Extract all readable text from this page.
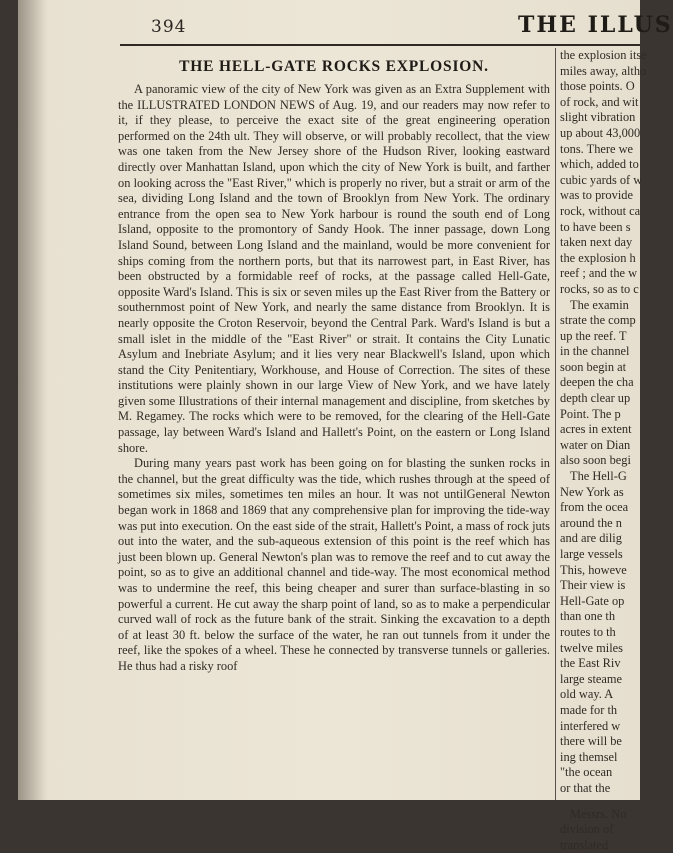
394	THE ILLUS
THE HELL-GATE ROCKS EXPLOSION.

A panoramic view of the city of New York was given as an Extra Supplement with the ILLUSTRATED LONDON NEWS of Aug. 19, and our readers may now refer to it, if they please, to perceive the exact site of the great engineering operation performed on the 24th ult. They will observe, or will probably recollect, that the view was one taken from the New Jersey shore of the Hudson River, looking eastward directly over Manhattan Island, upon which the city of New York is built, and farther on looking across the "East River," which is properly no river, but a strait or arm of the sea, dividing Long Island and the town of Brooklyn from New York. The ordinary entrance from the open sea to New York harbour is round the south end of Long Island, opposite to the promontory of Sandy Hook. The inner passage, down Long Island Sound, between Long Island and the mainland, would be more convenient for ships coming from the northern ports, but that its narrowest part, in East River, has been obstructed by a formidable reef of rocks, at the passage called Hell-Gate, opposite Ward's Island. This is six or seven miles up the East River from the Battery or southernmost point of New York, and nearly the same distance from Brooklyn. It is nearly opposite the Croton Reservoir, beyond the Central Park. Ward's Island is but a small islet in the middle of the "East River" or strait. It contains the City Lunatic Asylum and Inebriate Asylum; and it lies very near Blackwell's Island, upon which stand the City Penitentiary, Workhouse, and House of Correction. The sites of these institutions were plainly shown in our large View of New York, and we have lately given some Illustrations of their internal management and discipline, from sketches by M. Regamey. The rocks which were to be removed, for the clearing of the Hell-Gate passage, lay between Ward's Island and Hallett's Point, on the eastern or Long Island shore.

During many years past work has been going on for blasting the sunken rocks in the channel, but the great difficulty was the tide, which rushes through at the speed of sometimes six miles, sometimes ten miles an hour. It was not untilGeneral Newton began work in 1868 and 1869 that any comprehensive plan for improving the tide-way was put into execution. On the east side of the strait, Hallett's Point, a mass of rock juts out into the water, and the sub-aqueous extension of this point is the reef which has just been blown up. General Newton's plan was to remove the reef and to cut away the point, so as to give an additional channel and tide-way. The most economical method was to undermine the reef, this being cheaper and surer than surface-blasting in so powerful a current. He cut away the sharp point of land, so as to make a perpendicular curved wall of rock as the future bank of the strait. Sinking the excavation to a depth of at least 30 ft. below the surface of the water, he ran out tunnels from it under the reef, like the spokes of a wheel. These he connected by transverse tunnels or galleries. He thus had a risky roof

the explosion itse
miles away, altho
those points. O
of rock, and wit
slight vibration
up about 43,000
tons. There we
which, added to
cubic yards of w
was to provide
rock, without ca
to have been s
taken next day
the explosion h
reef ; and the w
rocks, so as to c
The examin
strate the comp
up the reef. T
in the channel
soon begin at
deepen the cha
depth clear up
Point. The p
acres in extent
water on Dian
also soon begi
The Hell-G
New York as
from the ocea
around the n
and are dilig
large vessels
This, howeve
Their view is
Hell-Gate op
than one th
routes to th
twelve miles
the East Riv
large steame
old way. A
made for th
interfered w
there will be
ing themsel
"the ocean
or that the
Messrs. No
division of
translated
